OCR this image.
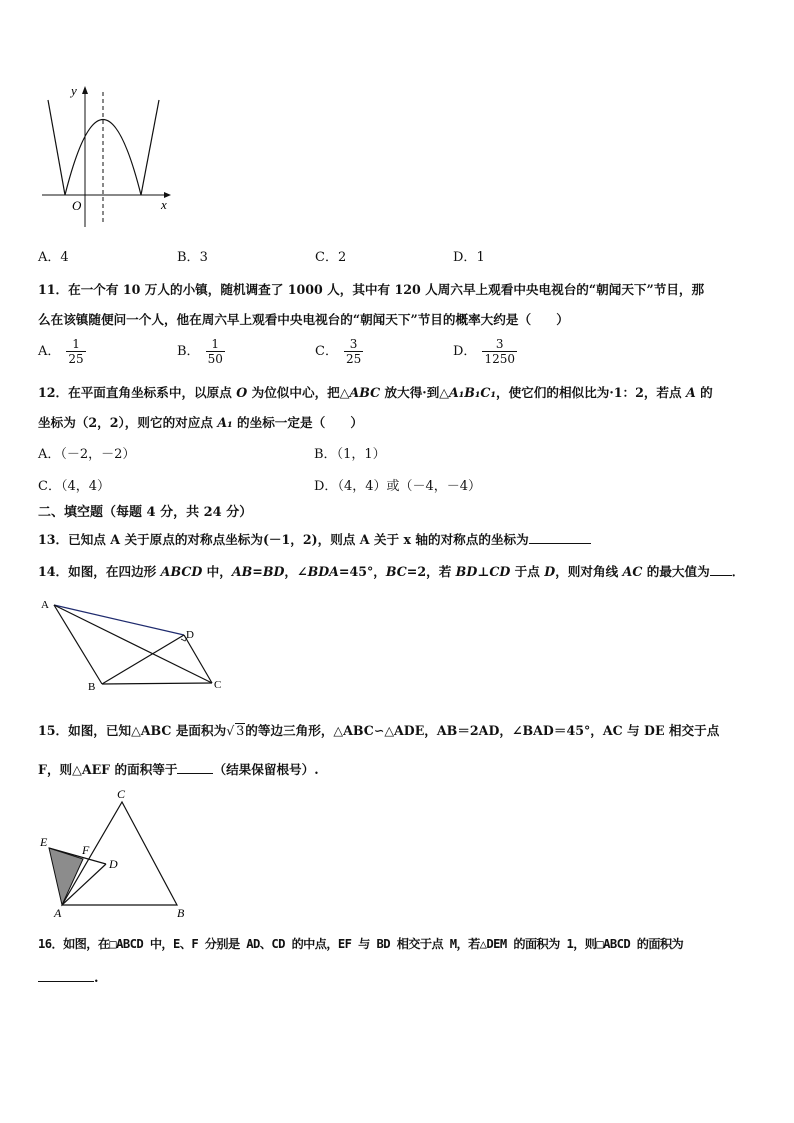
y
x
O
A．4	B．3	C．2	D．1
11．在一个有 10 万人的小镇，随机调查了 1000 人，其中有 120 人周六早上观看中央电视台的“朝闻天下”节目，那
么在该镇随便问一个人，他在周六早上观看中央电视台的“朝闻天下”节目的概率大约是（　　）
A． $\frac{1}{25}$	B． $\frac{1}{50}$	C． $\frac{3}{25}$	D． $\frac{3}{1250}$
12．在平面直角坐标系中，以原点 O 为位似中心，把△ABC 放大得·到△A₁B₁C₁，使它们的相似比为·1：2，若点 A 的
坐标为（2，2），则它的对应点 A₁ 的坐标一定是（　　）
A．（－2，－2）	B．（1，1）
C．（4，4）	D．（4，4）或（－4，－4）
二、填空题（每题 4 分，共 24 分）
13．已知点 A 关于原点的对称点坐标为(－1，2)，则点 A 关于 x 轴的对称点的坐标为
14．如图，在四边形 ABCD 中，AB=BD，∠BDA=45°，BC=2，若 BD⊥CD 于点 D，则对角线 AC 的最大值为 ．
A
B	C
D
15．如图，已知△ABC 是面积为√ 3的等边三角形，△ABC∽△ADE，AB＝2AD，∠BAD＝45°，AC 与 DE 相交于点
F，则△AEF 的面积等于	（结果保留根号）.
C
E
F
D
A	B
16．如图，在□ABCD 中，E、F 分别是 AD、CD 的中点，EF 与 BD 相交于点 M，若△DEM 的面积为 1，则□ABCD 的面积为
.
